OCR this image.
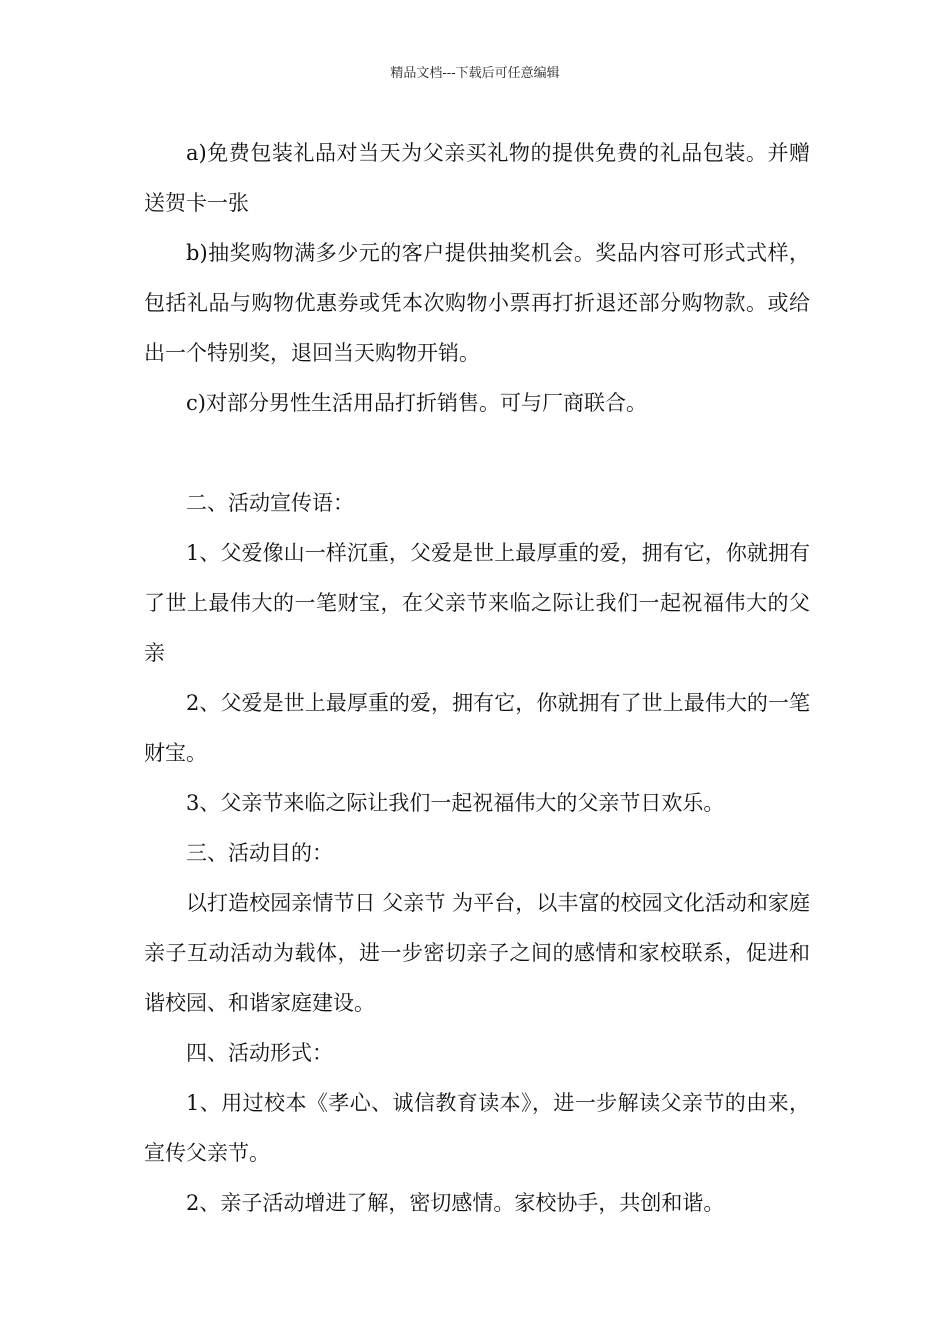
精品文档---下载后可任意编辑

a)免费包装礼品对当天为父亲买礼物的提供免费的礼品包装。并赠送贺卡一张

b)抽奖购物满多少元的客户提供抽奖机会。奖品内容可形式式样，包括礼品与购物优惠券或凭本次购物小票再打折退还部分购物款。或给出一个特别奖，退回当天购物开销。

c)对部分男性生活用品打折销售。可与厂商联合。

二、活动宣传语：

1、父爱像山一样沉重，父爱是世上最厚重的爱，拥有它，你就拥有了世上最伟大的一笔财宝，在父亲节来临之际让我们一起祝福伟大的父亲

2、父爱是世上最厚重的爱，拥有它，你就拥有了世上最伟大的一笔财宝。

3、父亲节来临之际让我们一起祝福伟大的父亲节日欢乐。

三、活动目的：

以打造校园亲情节日 父亲节 为平台，以丰富的校园文化活动和家庭亲子互动活动为载体，进一步密切亲子之间的感情和家校联系，促进和谐校园、和谐家庭建设。

四、活动形式：

1、用过校本《孝心、诚信教育读本》，进一步解读父亲节的由来，宣传父亲节。

2、亲子活动增进了解，密切感情。家校协手，共创和谐。
